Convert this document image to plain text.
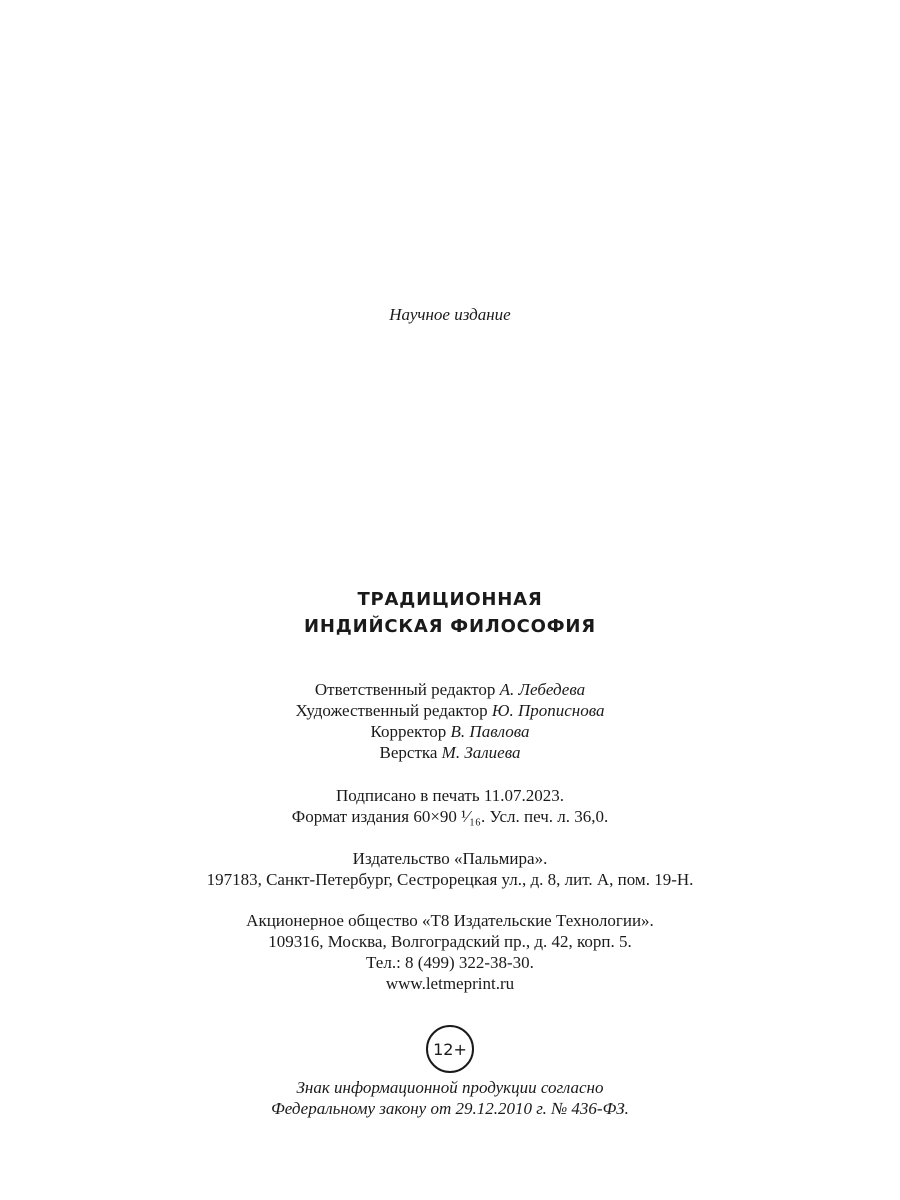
Научное издание
ТРАДИЦИОННАЯ
ИНДИЙСКАЯ ФИЛОСОФИЯ
Ответственный редактор А. Лебедева
Художественный редактор Ю. Прописнова
Корректор В. Павлова
Верстка М. Залиева
Подписано в печать 11.07.2023.
Формат издания 60×90 ¹⁄₁₆. Усл. печ. л. 36,0.
Издательство «Пальмира».
197183, Санкт-Петербург, Сестрорецкая ул., д. 8, лит. А, пом. 19-Н.
Акционерное общество «Т8 Издательские Технологии».
109316, Москва, Волгоградский пр., д. 42, корп. 5.
Тел.: 8 (499) 322-38-30.
www.letmeprint.ru
12+
Знак информационной продукции согласно
Федеральному закону от 29.12.2010 г. № 436-ФЗ.
